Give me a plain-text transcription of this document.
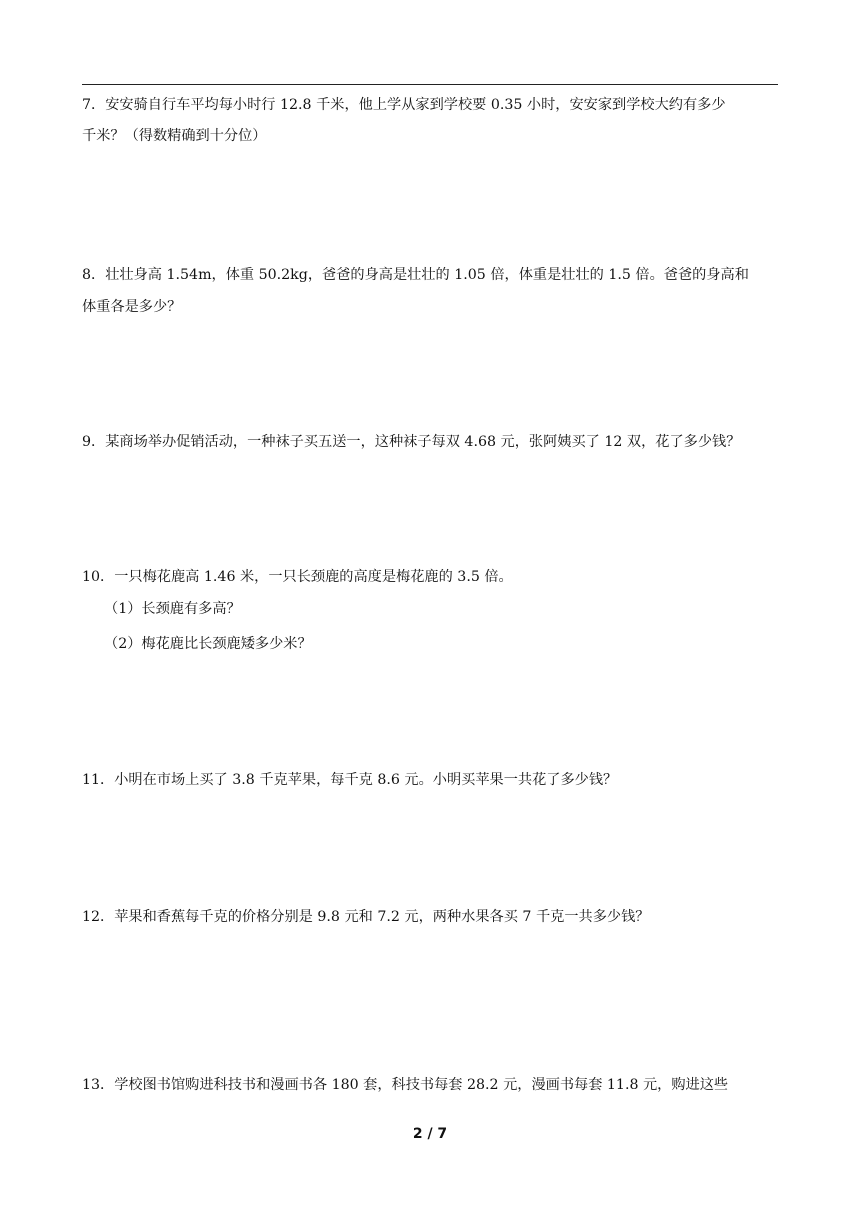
7．安安骑自行车平均每小时行 12.8 千米，他上学从家到学校要 0.35 小时，安安家到学校大约有多少
千米？（得数精确到十分位）
8．壮壮身高 1.54m，体重 50.2kg，爸爸的身高是壮壮的 1.05 倍，体重是壮壮的 1.5 倍。爸爸的身高和
体重各是多少？
9．某商场举办促销活动，一种袜子买五送一，这种袜子每双 4.68 元，张阿姨买了 12 双，花了多少钱？
10．一只梅花鹿高 1.46 米，一只长颈鹿的高度是梅花鹿的 3.5 倍。
（1）长颈鹿有多高？
（2）梅花鹿比长颈鹿矮多少米？
11．小明在市场上买了 3.8 千克苹果，每千克 8.6 元。小明买苹果一共花了多少钱？
12．苹果和香蕉每千克的价格分别是 9.8 元和 7.2 元，两种水果各买 7 千克一共多少钱？
13．学校图书馆购进科技书和漫画书各 180 套，科技书每套 28.2 元，漫画书每套 11.8 元，购进这些
2 / 7
